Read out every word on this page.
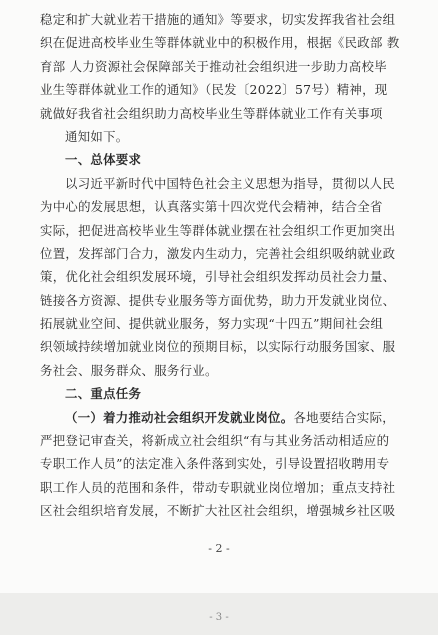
稳定和扩大就业若干措施的通知》等要求，切实发挥我省社会组
织在促进高校毕业生等群体就业中的积极作用，根据《民政部 教
育部 人力资源社会保障部关于推动社会组织进一步助力高校毕
业生等群体就业工作的通知》（民发〔2022〕57号）精神，现
就做好我省社会组织助力高校毕业生等群体就业工作有关事项
通知如下。
一、总体要求
以习近平新时代中国特色社会主义思想为指导，贯彻以人民
为中心的发展思想，认真落实第十四次党代会精神，结合全省
实际，把促进高校毕业生等群体就业摆在社会组织工作更加突出
位置，发挥部门合力，激发内生动力，完善社会组织吸纳就业政
策，优化社会组织发展环境，引导社会组织发挥动员社会力量、
链接各方资源、提供专业服务等方面优势，助力开发就业岗位、
拓展就业空间、提供就业服务，努力实现“十四五”期间社会组
织领域持续增加就业岗位的预期目标，以实际行动服务国家、服
务社会、服务群众、服务行业。
二、重点任务
（一）着力推动社会组织开发就业岗位。各地要结合实际，
严把登记审查关，将新成立社会组织“有与其业务活动相适应的
专职工作人员”的法定准入条件落到实处，引导设置招收聘用专
职工作人员的范围和条件，带动专职就业岗位增加；重点支持社
区社会组织培育发展，不断扩大社区社会组织，增强城乡社区吸
- 2 -
- 3 -
